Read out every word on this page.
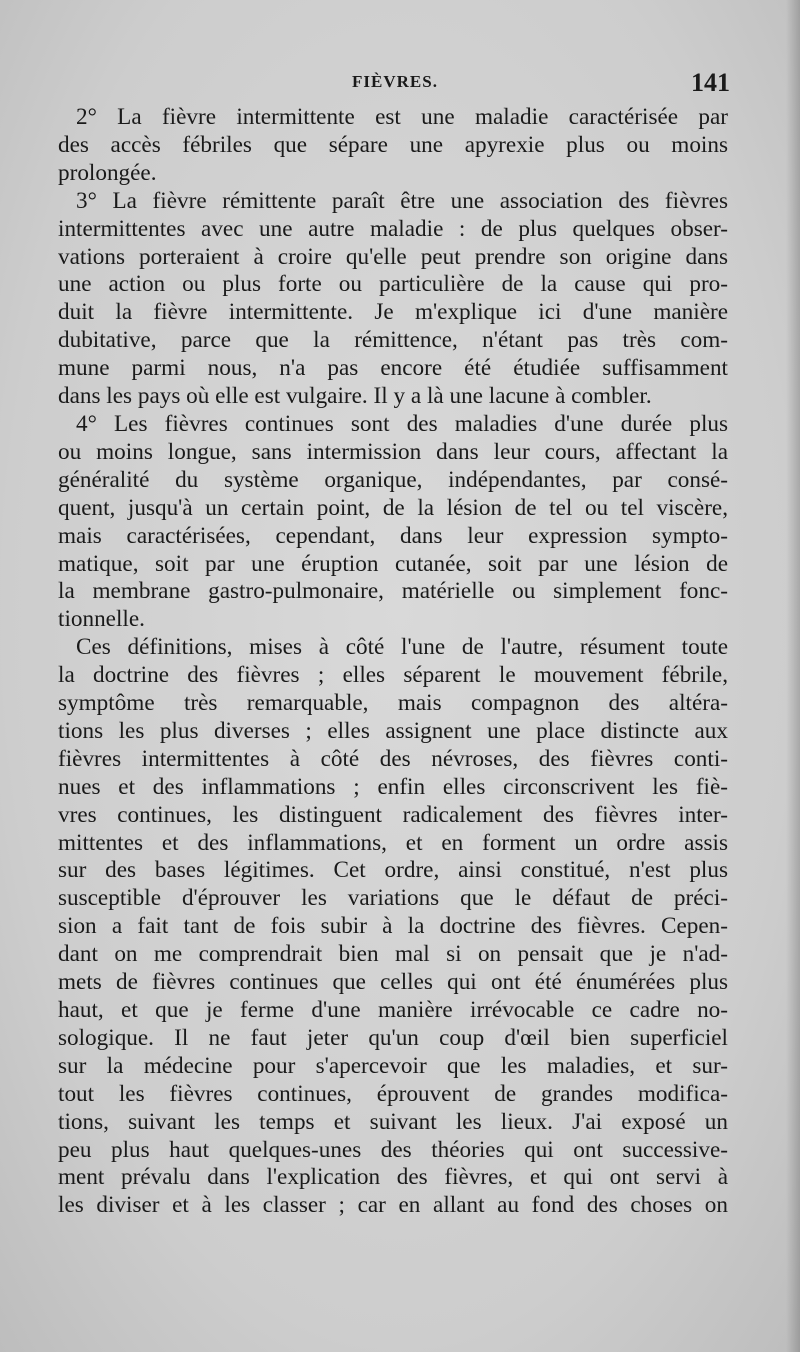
FIÈVRES.	141

2° La fièvre intermittente est une maladie caractérisée par
des accès fébriles que sépare une apyrexie plus ou moins
prolongée.

3° La fièvre rémittente paraît être une association des fièvres
intermittentes avec une autre maladie : de plus quelques obser-
vations porteraient à croire qu'elle peut prendre son origine dans
une action ou plus forte ou particulière de la cause qui pro-
duit la fièvre intermittente. Je m'explique ici d'une manière
dubitative, parce que la rémittence, n'étant pas très com-
mune parmi nous, n'a pas encore été étudiée suffisamment
dans les pays où elle est vulgaire. Il y a là une lacune à combler.

4° Les fièvres continues sont des maladies d'une durée plus
ou moins longue, sans intermission dans leur cours, affectant la
généralité du système organique, indépendantes, par consé-
quent, jusqu'à un certain point, de la lésion de tel ou tel viscère,
mais caractérisées, cependant, dans leur expression sympto-
matique, soit par une éruption cutanée, soit par une lésion de
la membrane gastro-pulmonaire, matérielle ou simplement fonc-
tionnelle.

Ces définitions, mises à côté l'une de l'autre, résument toute
la doctrine des fièvres ; elles séparent le mouvement fébrile,
symptôme très remarquable, mais compagnon des altéra-
tions les plus diverses ; elles assignent une place distincte aux
fièvres intermittentes à côté des névroses, des fièvres conti-
nues et des inflammations ; enfin elles circonscrivent les fiè-
vres continues, les distinguent radicalement des fièvres inter-
mittentes et des inflammations, et en forment un ordre assis
sur des bases légitimes. Cet ordre, ainsi constitué, n'est plus
susceptible d'éprouver les variations que le défaut de préci-
sion a fait tant de fois subir à la doctrine des fièvres. Cepen-
dant on me comprendrait bien mal si on pensait que je n'ad-
mets de fièvres continues que celles qui ont été énumérées plus
haut, et que je ferme d'une manière irrévocable ce cadre no-
sologique. Il ne faut jeter qu'un coup d'œil bien superficiel
sur la médecine pour s'apercevoir que les maladies, et sur-
tout les fièvres continues, éprouvent de grandes modifica-
tions, suivant les temps et suivant les lieux. J'ai exposé un
peu plus haut quelques-unes des théories qui ont successive-
ment prévalu dans l'explication des fièvres, et qui ont servi à
les diviser et à les classer ; car en allant au fond des choses on
